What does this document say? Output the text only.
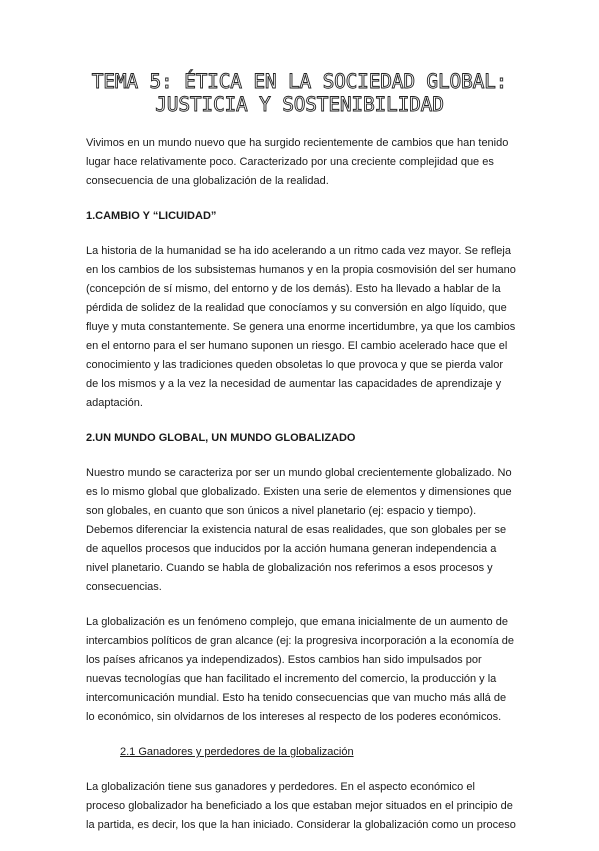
TEMA 5: ÉTICA EN LA SOCIEDAD GLOBAL:
JUSTICIA Y SOSTENIBILIDAD

Vivimos en un mundo nuevo que ha surgido recientemente de cambios que han tenido lugar hace relativamente poco. Caracterizado por una creciente complejidad que es consecuencia de una globalización de la realidad.

1.CAMBIO Y “LICUIDAD”

La historia de la humanidad se ha ido acelerando a un ritmo cada vez mayor. Se refleja en los cambios de los subsistemas humanos y en la propia cosmovisión del ser humano (concepción de sí mismo, del entorno y de los demás). Esto ha llevado a hablar de la pérdida de solidez de la realidad que conocíamos y su conversión en algo líquido, que fluye y muta constantemente. Se genera una enorme incertidumbre, ya que los cambios en el entorno para el ser humano suponen un riesgo. El cambio acelerado hace que el conocimiento y las tradiciones queden obsoletas lo que provoca y que se pierda valor de los mismos y a la vez la necesidad de aumentar las capacidades de aprendizaje y adaptación.

2.UN MUNDO GLOBAL, UN MUNDO GLOBALIZADO

Nuestro mundo se caracteriza por ser un mundo global crecientemente globalizado. No es lo mismo global que globalizado. Existen una serie de elementos y dimensiones que son globales, en cuanto que son únicos a nivel planetario (ej: espacio y tiempo). Debemos diferenciar la existencia natural de esas realidades, que son globales per se de aquellos procesos que inducidos por la acción humana generan independencia a nivel planetario. Cuando se habla de globalización nos referimos a esos procesos y consecuencias.

La globalización es un fenómeno complejo, que emana inicialmente de un aumento de intercambios políticos de gran alcance (ej: la progresiva incorporación a la economía de los países africanos ya independizados). Estos cambios han sido impulsados por nuevas tecnologías que han facilitado el incremento del comercio, la producción y la intercomunicación mundial. Esto ha tenido consecuencias que van mucho más allá de lo económico, sin olvidarnos de los intereses al respecto de los poderes económicos.

2.1 Ganadores y perdedores de la globalización

La globalización tiene sus ganadores y perdedores. En el aspecto económico el proceso globalizador ha beneficiado a los que estaban mejor situados en el principio de la partida, es decir, los que la han iniciado. Considerar la globalización como un proceso
